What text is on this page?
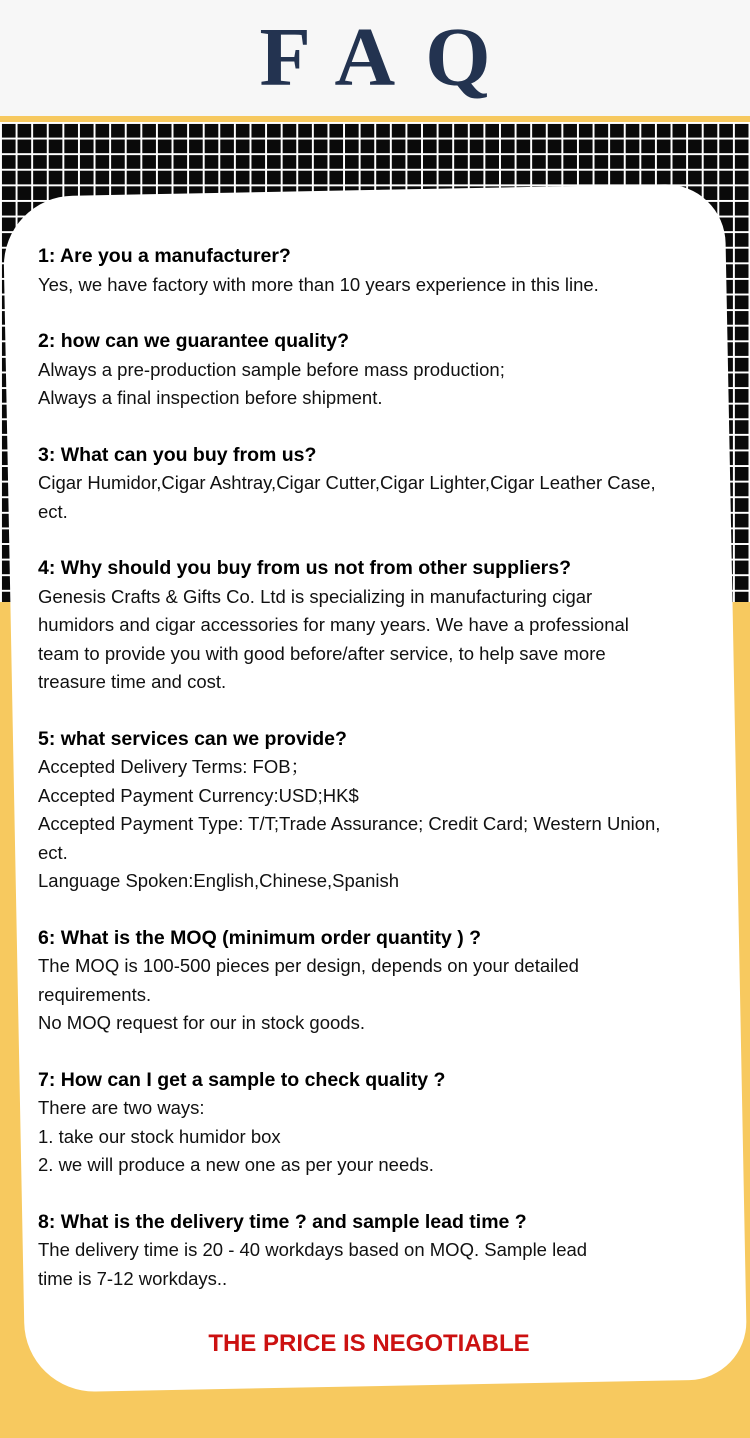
FAQ
1: Are you a manufacturer?
Yes, we have factory with more than 10 years experience in this line.
2: how can we guarantee quality?
Always a pre-production sample before mass production;
Always a final inspection before shipment.
3: What can you buy from us?
Cigar Humidor,Cigar Ashtray,Cigar Cutter,Cigar Lighter,Cigar Leather Case,
ect.
4: Why should you buy from us not from other suppliers?
Genesis Crafts & Gifts Co. Ltd is specializing in manufacturing cigar
humidors and cigar accessories for many years. We have a professional
team to provide you with good before/after service, to help save more
treasure time and cost.
5: what services can we provide?
Accepted Delivery Terms: FOB；
Accepted Payment Currency:USD;HK$
Accepted Payment Type: T/T;Trade Assurance; Credit Card; Western Union,
ect.
Language Spoken:English,Chinese,Spanish
6: What is the MOQ (minimum order quantity ) ?
The MOQ is 100-500 pieces per design, depends on your detailed
requirements.
No MOQ request for our in stock goods.
7: How can I get a sample to check quality ?
There are two ways:
1. take our stock humidor box
2. we will produce a new one as per your needs.
8: What is the delivery time ? and sample lead time ?
The delivery time is 20 - 40 workdays based on MOQ. Sample lead
time is 7-12 workdays..
THE PRICE IS NEGOTIABLE
